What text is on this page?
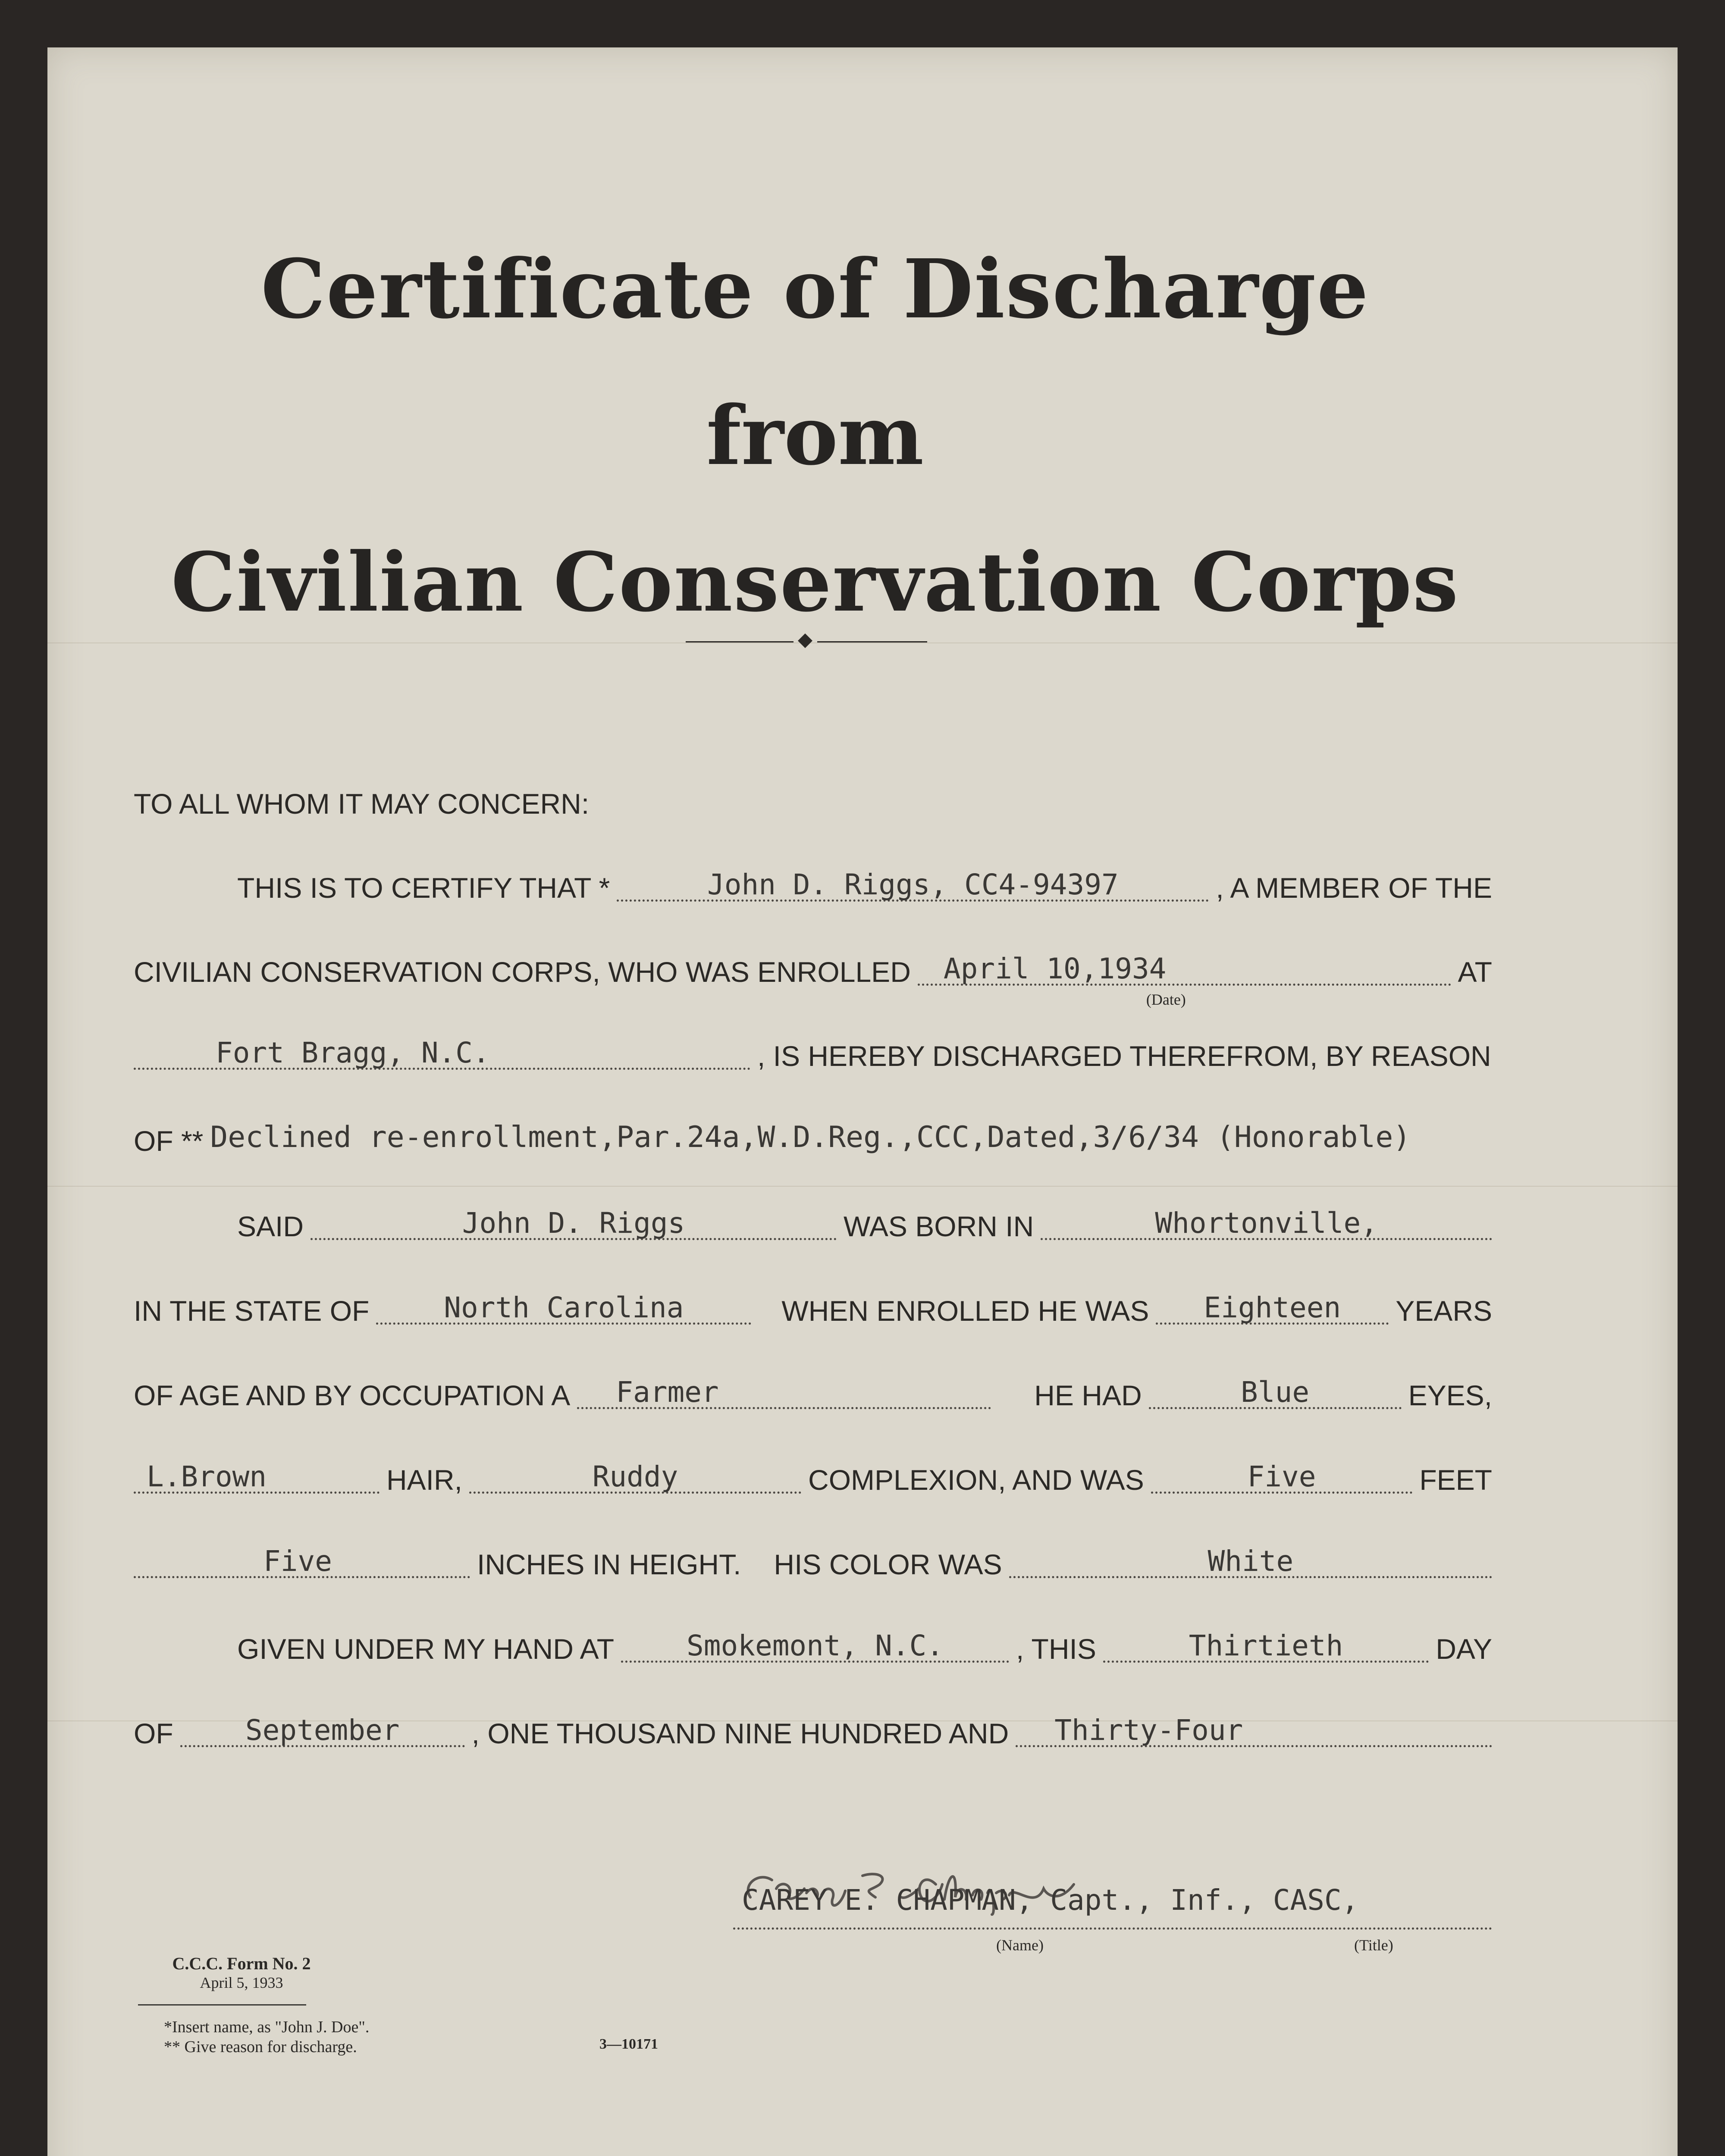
Certificate of Discharge
from
Civilian Conservation Corps
TO ALL WHOM IT MAY CONCERN:
THIS IS TO CERTIFY THAT *	John D. Riggs, CC4-94397	, A MEMBER OF THE
CIVILIAN CONSERVATION CORPS, WHO WAS ENROLLED	April 10,1934
(Date)
AT
Fort Bragg, N.C.	, IS HEREBY DISCHARGED THEREFROM, BY REASON
OF ** Declined re-enrollment,Par.24a,W.D.Reg.,CCC,Dated,3/6/34 (Honorable)
SAID	John D. Riggs	WAS BORN IN	Whortonville,
IN THE STATE OF	North Carolina	WHEN ENROLLED HE WAS	Eighteen	YEARS
OF AGE AND BY OCCUPATION A	Farmer	HE HAD	Blue	EYES,
L.Brown	HAIR,	Ruddy	COMPLEXION, AND WAS	Five	FEET
Five	INCHES IN HEIGHT.	HIS COLOR WAS	White
GIVEN UNDER MY HAND AT	Smokemont, N.C.	, THIS	Thirtieth	DAY
OF	September	, ONE THOUSAND NINE HUNDRED AND	Thirty-Four
CAREY E. CHAPMAN, Capt., Inf., CASC,
(Name)	(Title)
C.C.C. Form No. 2
April 5, 1933
*Insert name, as "John J. Doe".
** Give reason for discharge.	3—10171
